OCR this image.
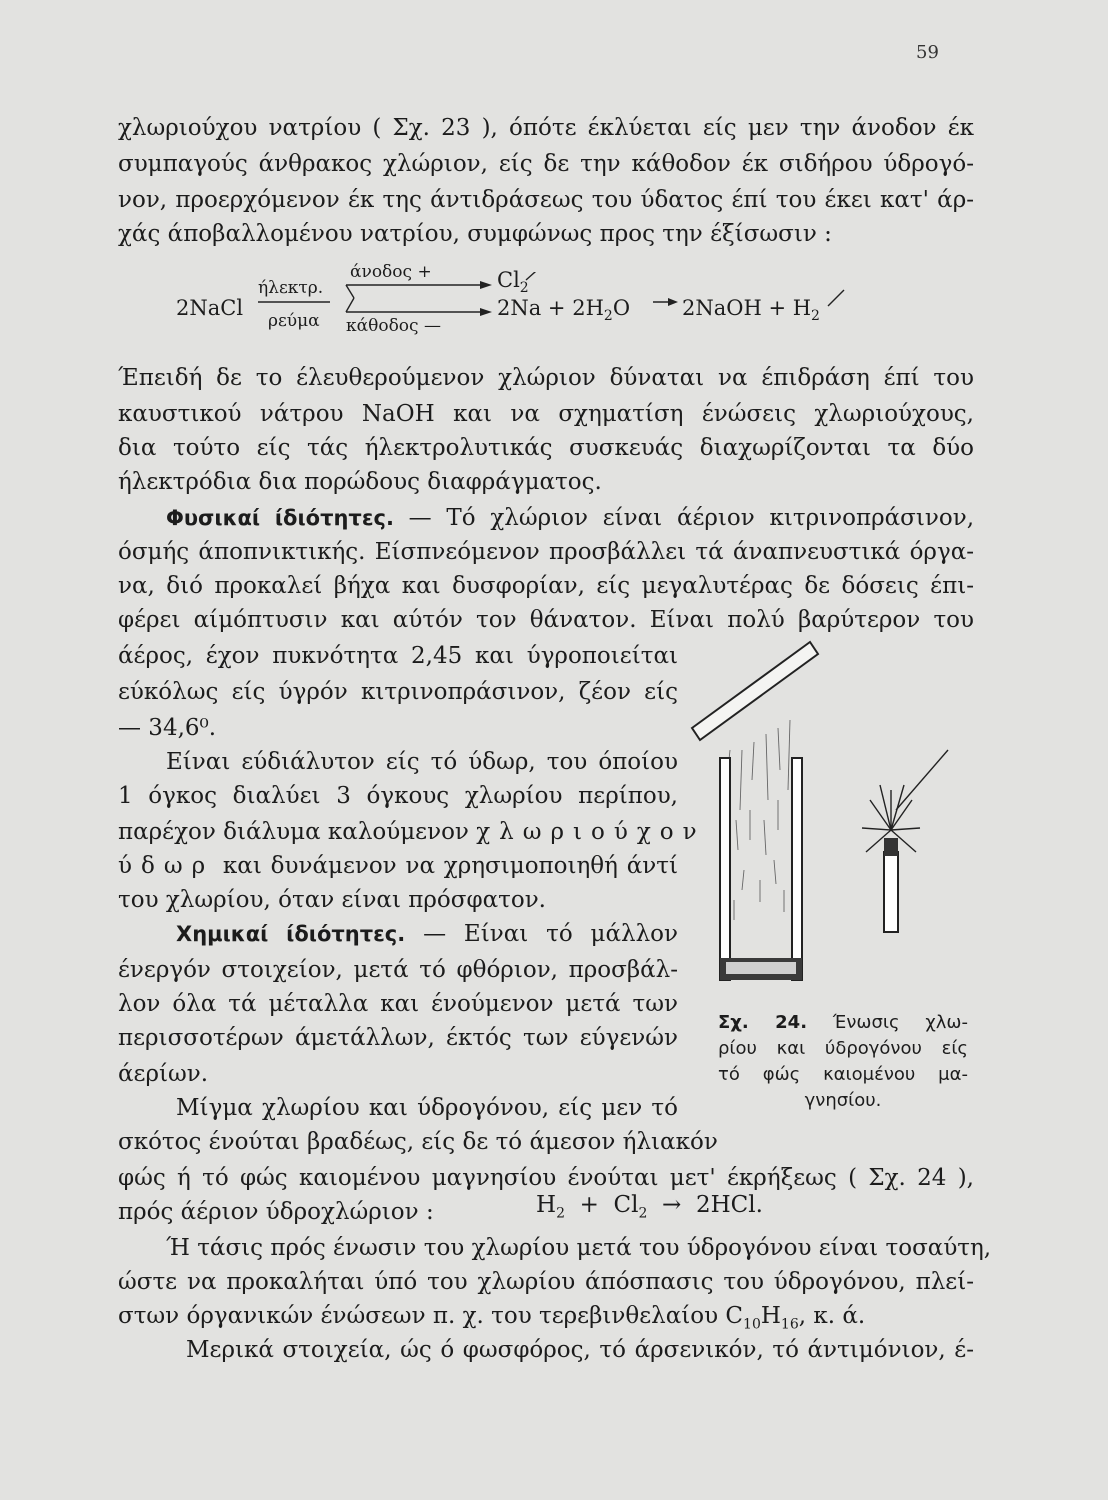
59
χλωριούχου νατρίου ( Σχ. 23 ), όπότε έκλύεται είς μεν την άνοδον έκ
συμπαγούς άνθρακος χλώριον, είς δε την κάθοδον έκ σιδήρου ύδρογό-
νον, προερχόμενον έκ της άντιδράσεως του ύδατος έπί του έκει κατ' άρ-
χάς άποβαλλομένου νατρίου, συμφώνως προς την έξίσωσιν :
2NaCl
ήλεκτρ.
ρεύμα
άνοδος +
κάθοδος —
$Cl_2$
$2Na + 2H_2O$ 2NaOH + $H_2$
Έπειδή δε το έλευθερούμενον χλώριον δύναται να έπιδράση έπί του
καυστικού νάτρου NaOH και να σχηματίση ένώσεις χλωριούχους,
δια τούτο είς τάς ήλεκτρολυτικάς συσκευάς διαχωρίζονται τα δύο
ήλεκτρόδια δια πορώδους διαφράγματος.
Φυσικαί ίδιότητες. — Τό χλώριον είναι άέριον κιτρινοπράσινον,
όσμής άποπνικτικής. Είσπνεόμενον προσβάλλει τά άναπνευστικά όργα-
να, διό προκαλεί βήχα και δυσφορίαν, είς μεγαλυτέρας δε δόσεις έπι-
φέρει αίμόπτυσιν και αύτόν τον θάνατον. Είναι πολύ βαρύτερον του
άέρος, έχον πυκνότητα 2,45 και ύγροποιείται
εύκόλως είς ύγρόν κιτρινοπράσινον, ζέον είς
— 34,6⁰.
Είναι εύδιάλυτον είς τό ύδωρ, του όποίου
1 όγκος διαλύει 3 όγκους χλωρίου περίπου,
παρέχον διάλυμα καλούμενον χλωριούχον
ύδωρ και δυνάμενον να χρησιμοποιηθή άντί
του χλωρίου, όταν είναι πρόσφατον.
Χημικαί ίδιότητες. — Είναι τό μάλλον
ένεργόν στοιχείον, μετά τό φθόριον, προσβάλ-
λον όλα τά μέταλλα και ένούμενον μετά των
περισσοτέρων άμετάλλων, έκτός των εύγενών
άερίων.
Μίγμα χλωρίου και ύδρογόνου, είς μεν τό
σκότος ένούται βραδέως, είς δε τό άμεσον ήλιακόν
Σχ. 24. Ένωσις χλω-
ρίου και ύδρογόνου είς
τό φώς καιομένου μα-
γνησίου.
φώς ή τό φώς καιομένου μαγνησίου ένούται μετ' έκρήξεως ( Σχ. 24 ),
πρός άέριον ύδροχλώριον :	$H_2 + Cl_2 \to 2HCl$.
Ή τάσις πρός ένωσιν του χλωρίου μετά του ύδρογόνου είναι τοσαύτη,
ώστε να προκαλήται ύπό του χλωρίου άπόσπασις του ύδρογόνου, πλεί-
στων όργανικών ένώσεων π. χ. του τερεβινθελαίου $C_{10}H_{16}$, κ. ά.
Μερικά στοιχεία, ώς ό φωσφόρος, τό άρσενικόν, τό άντιμόνιον, έ-
